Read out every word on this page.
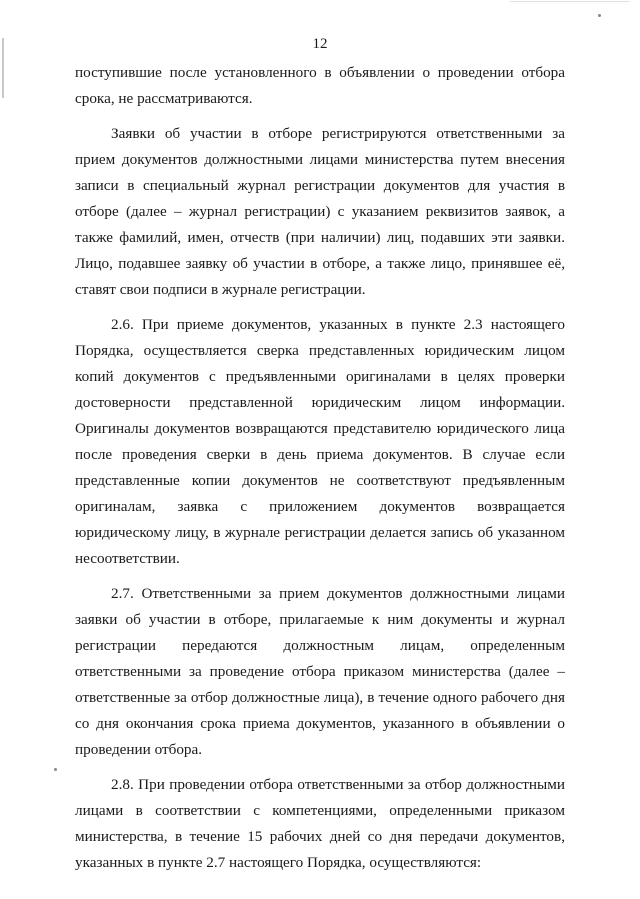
12
поступившие после установленного в объявлении о проведении отбора
срока, не рассматриваются.
Заявки об участии в отборе регистрируются ответственными за
прием документов должностными лицами министерства путем внесения
записи в специальный журнал регистрации документов для участия в
отборе (далее – журнал регистрации) с указанием реквизитов заявок, а
также фамилий, имен, отчеств (при наличии) лиц, подавших эти заявки.
Лицо, подавшее заявку об участии в отборе, а также лицо, принявшее её,
ставят свои подписи в журнале регистрации.
2.6. При приеме документов, указанных в пункте 2.3 настоящего
Порядка, осуществляется сверка представленных юридическим лицом
копий документов с предъявленными оригиналами в целях проверки
достоверности представленной юридическим лицом информации.
Оригиналы документов возвращаются представителю юридического лица
после проведения сверки в день приема документов. В случае если
представленные копии документов не соответствуют предъявленным
оригиналам, заявка с приложением документов возвращается
юридическому лицу, в журнале регистрации делается запись об указанном
несоответствии.
2.7. Ответственными за прием документов должностными лицами
заявки об участии в отборе, прилагаемые к ним документы и журнал
регистрации передаются должностным лицам, определенным
ответственными за проведение отбора приказом министерства (далее –
ответственные за отбор должностные лица), в течение одного рабочего дня
со дня окончания срока приема документов, указанного в объявлении о
проведении отбора.
2.8. При проведении отбора ответственными за отбор должностными
лицами в соответствии с компетенциями, определенными приказом
министерства, в течение 15 рабочих дней со дня передачи документов,
указанных в пункте 2.7 настоящего Порядка, осуществляются:
